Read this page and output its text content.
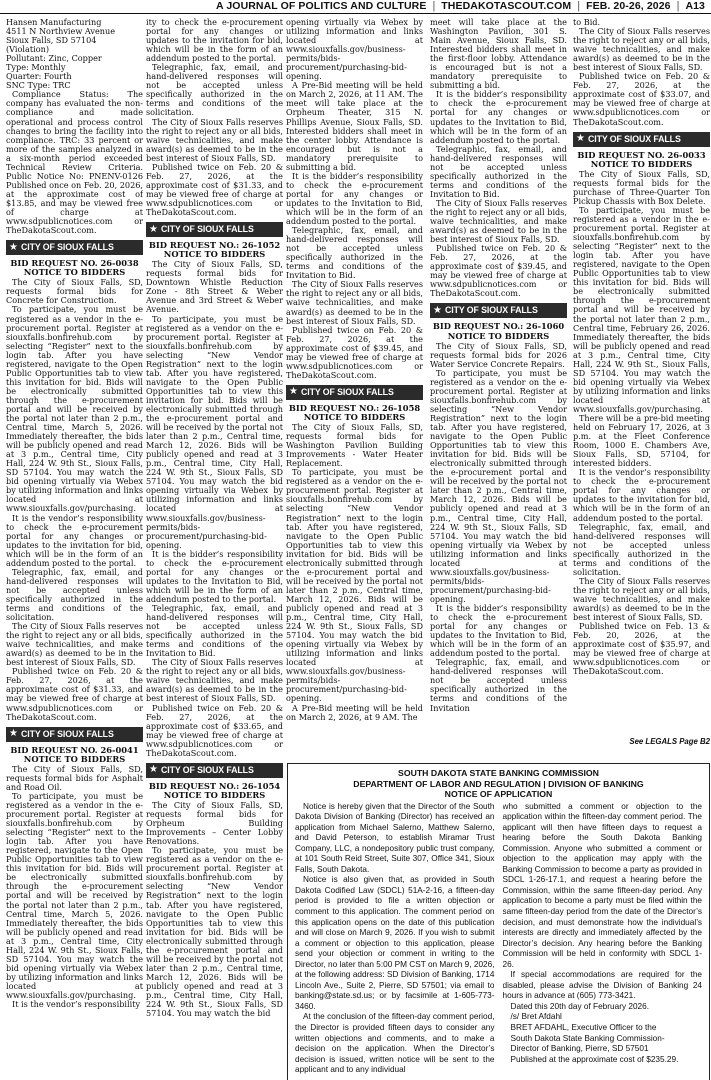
A JOURNAL OF POLITICS AND CULTURE | THEDAKOTASCOUT.COM | FEB. 20-26, 2026 | A13

Hansen Manufacturing

4511 N Northview Avenue

Sioux Falls, SD 57104

(Violation)

Pollutant: Zinc, Copper

Type: Monthly

Quarter: Fourth

SNC Type: TRC

Compliance Status: The company has evaluated the non-compliance and made operational and process control changes to bring the facility into compliance. TRC: 33 percent or more of the samples analyzed in a six-month period exceeded Technical Review Criteria. Public Notice No: PNENV-0126 Published once on Feb. 20, 2026, at the approximate cost of $13.85, and may be viewed free of charge at www.sdpublicnotices.com or TheDakotaScout.com.

★ CITY OF SIOUX FALLS
BID REQUEST NO. 26-0038
NOTICE TO BIDDERS

The City of Sioux Falls, SD, requests formal bids for Concrete for Construction.

To participate, you must be registered as a vendor in the e-procurement portal. Register at siouxfalls.bonfirehub.com by selecting “Register” next to the login tab. After you have registered, navigate to the Open Public Opportunities tab to view this invitation for bid. Bids will be electronically submitted through the e-procurement portal and will be received by the portal not later than 2 p.m., Central time, March 5, 2026. Immediately thereafter, the bids will be publicly opened and read at 3 p.m., Central time, City Hall, 224 W. 9th St., Sioux Falls, SD 57104. You may watch the bid opening virtually via Webex by utilizing information and links located at www.siouxfalls.gov/purchasing.

It is the vendor’s responsibility to check the e-procurement portal for any changes or updates to the invitation for bid, which will be in the form of an addendum posted to the portal.

Telegraphic, fax, email, and hand-delivered responses will not be accepted unless specifically authorized in the terms and conditions of the solicitation.

The City of Sioux Falls reserves the right to reject any or all bids, waive technicalities, and make award(s) as deemed to be in the best interest of Sioux Falls, SD.

Published twice on Feb. 20 & Feb. 27, 2026, at the approximate cost of $31.33, and may be viewed free of charge at www.sdpublicnotices.com or TheDakotaScout.com.

★ CITY OF SIOUX FALLS
BID REQUEST NO. 26-0041
NOTICE TO BIDDERS

The City of Sioux Falls, SD, requests formal bids for Asphalt and Road Oil.

To participate, you must be registered as a vendor in the e-procurement portal. Register at siouxfalls.bonfirehub.com by selecting “Register” next to the login tab. After you have registered, navigate to the Open Public Opportunities tab to view this invitation for bid. Bids will be electronically submitted through the e-procurement portal and will be received by the portal not later than 2 p.m., Central time, March 5, 2026. Immediately thereafter, the bids will be publicly opened and read at 3 p.m., Central time, City Hall, 224 W. 9th St., Sioux Falls, SD 57104. You may watch the bid opening virtually via Webex by utilizing information and links located at www.siouxfalls.gov/purchasing.

It is the vendor’s responsibility

ity to check the e-procurement portal for any changes or updates to the invitation for bid, which will be in the form of an addendum posted to the portal.

Telegraphic, fax, email, and hand-delivered responses will not be accepted unless specifically authorized in the terms and conditions of the solicitation.

The City of Sioux Falls reserves the right to reject any or all bids, waive technicalities, and make award(s) as deemed to be in the best interest of Sioux Falls, SD.

Published twice on Feb. 20 & Feb. 27, 2026, at the approximate cost of $31.33, and may be viewed free of charge at www.sdpublicnotices.com or TheDakotaScout.com.

★ CITY OF SIOUX FALLS
BID REQUEST NO.: 26-1052
NOTICE TO BIDDERS

The City of Sioux Falls, SD, requests formal bids for Downtown Whistle Reduction Zone - 8th Street & Weber Avenue and 3rd Street & Weber Avenue.

To participate, you must be registered as a vendor on the e-procurement portal. Register at siouxfalls.bonfirehub.com by selecting “New Vendor Registration” next to the login tab. After you have registered, navigate to the Open Public Opportunities tab to view this invitation for bid. Bids will be electronically submitted through the e-procurement portal and will be received by the portal not later than 2 p.m., Central time, March 12, 2026. Bids will be publicly opened and read at 3 p.m., Central time, City Hall, 224 W. 9th St., Sioux Falls, SD 57104. You may watch the bid opening virtually via Webex by utilizing information and links located at www.siouxfalls.gov/business-permits/bids-procurement/purchasing-bid-opening.

It is the bidder’s responsibility to check the e-procurement portal for any changes or updates to the Invitation to Bid, which will be in the form of an addendum posted to the portal.

Telegraphic, fax, email, and hand-delivered responses will not be accepted unless specifically authorized in the terms and conditions of the Invitation to Bid.

The City of Sioux Falls reserves the right to reject any or all bids, waive technicalities, and make award(s) as deemed to be in the best interest of Sioux Falls, SD.

Published twice on Feb. 20 & Feb. 27, 2026, at the approximate cost of $33.65, and may be viewed free of charge at www.sdpublicnotices.com or TheDakotaScout.com.

★ CITY OF SIOUX FALLS
BID REQUEST NO.: 26-1054
NOTICE TO BIDDERS

The City of Sioux Falls, SD, requests formal bids for Orpheum Building Improvements – Center Lobby Renovations.

To participate, you must be registered as a vendor on the e-procurement portal. Register at siouxfalls.bonfirehub.com by selecting “New Vendor Registration” next to the login tab. After you have registered, navigate to the Open Public Opportunities tab to view this invitation for bid. Bids will be electronically submitted through the e-procurement portal and will be received by the portal not later than 2 p.m., Central time, March 12, 2026. Bids will be publicly opened and read at 3 p.m., Central time, City Hall, 224 W. 9th St., Sioux Falls, SD 57104. You may watch the bid

opening virtually via Webex by utilizing information and links located at www.siouxfalls.gov/business-permits/bids-procurement/purchasing-bid-opening.

A Pre-Bid meeting will be held on March 2, 2026, at 11 AM. The meet will take place at the Orpheum Theater, 315 N. Phillips Avenue, Sioux Falls, SD. Interested bidders shall meet in the center lobby. Attendance is encouraged but is not a mandatory prerequisite to submitting a bid.

It is the bidder’s responsibility to check the e-procurement portal for any changes or updates to the Invitation to Bid, which will be in the form of an addendum posted to the portal.

Telegraphic, fax, email, and hand-delivered responses will not be accepted unless specifically authorized in the terms and conditions of the Invitation to Bid.

The City of Sioux Falls reserves the right to reject any or all bids, waive technicalities, and make award(s) as deemed to be in the best interest of Sioux Falls, SD.

Published twice on Feb. 20 & Feb. 27, 2026, at the approximate cost of $39.45, and may be viewed free of charge at www.sdpublicnotices.com or TheDakotaScout.com.

★ CITY OF SIOUX FALLS
BID REQUEST NO.: 26-1058
NOTICE TO BIDDERS

The City of Sioux Falls, SD, requests formal bids for Washington Pavilion Building Improvements - Water Heater Replacement.

To participate, you must be registered as a vendor on the e-procurement portal. Register at siouxfalls.bonfirehub.com by selecting “New Vendor Registration” next to the login tab. After you have registered, navigate to the Open Public Opportunities tab to view this invitation for bid. Bids will be electronically submitted through the e-procurement portal and will be received by the portal not later than 2 p.m., Central time, March 12, 2026. Bids will be publicly opened and read at 3 p.m., Central time, City Hall, 224 W. 9th St., Sioux Falls, SD 57104. You may watch the bid opening virtually via Webex by utilizing information and links located at www.siouxfalls.gov/business-permits/bids-procurement/purchasing-bid-opening.

A Pre-Bid meeting will be held on March 2, 2026, at 9 AM. The

meet will take place at the Washington Pavilion, 301 S. Main Avenue, Sioux Falls, SD. Interested bidders shall meet in the first-floor lobby. Attendance is encouraged but is not a mandatory prerequisite to submitting a bid.

It is the bidder’s responsibility to check the e-procurement portal for any changes or updates to the Invitation to Bid, which will be in the form of an addendum posted to the portal.

Telegraphic, fax, email, and hand-delivered responses will not be accepted unless specifically authorized in the terms and conditions of the Invitation to Bid.

The City of Sioux Falls reserves the right to reject any or all bids, waive technicalities, and make award(s) as deemed to be in the best interest of Sioux Falls, SD.

Published twice on Feb. 20 & Feb. 27, 2026, at the approximate cost of $39.45, and may be viewed free of charge at www.sdpublicnotices.com or TheDakotaScout.com.

★ CITY OF SIOUX FALLS
BID REQUEST NO.: 26-1060
NOTICE TO BIDDERS

The City of Sioux Falls, SD, requests formal bids for 2026 Water Service Concrete Repairs.

To participate, you must be registered as a vendor on the e-procurement portal. Register at siouxfalls.bonfirehub.com by selecting “New Vendor Registration” next to the login tab. After you have registered, navigate to the Open Public Opportunities tab to view this invitation for bid. Bids will be electronically submitted through the e-procurement portal and will be received by the portal not later than 2 p.m., Central time, March 12, 2026. Bids will be publicly opened and read at 3 p.m., Central time, City Hall, 224 W. 9th St., Sioux Falls, SD 57104. You may watch the bid opening virtually via Webex by utilizing information and links located at www.siouxfalls.gov/business-permits/bids-procurement/purchasing-bid-opening.

It is the bidder’s responsibility to check the e-procurement portal for any changes or updates to the Invitation to Bid, which will be in the form of an addendum posted to the portal.

Telegraphic, fax, email, and hand-delivered responses will not be accepted unless specifically authorized in the terms and conditions of the Invitation

to Bid.

The City of Sioux Falls reserves the right to reject any or all bids, waive technicalities, and make award(s) as deemed to be in the best interest of Sioux Falls, SD.

Published twice on Feb. 20 & Feb. 27, 2026, at the approximate cost of $33.07, and may be viewed free of charge at www.sdpublicnotices.com or TheDakotaScout.com.

★ CITY OF SIOUX FALLS
BID REQUEST NO. 26-0033
NOTICE TO BIDDERS

The City of Sioux Falls, SD, requests formal bids for the purchase of Three-Quarter Ton Pickup Chassis with Box Delete.

To participate, you must be registered as a vendor in the e-procurement portal. Register at siouxfalls.bonfirehub.com by selecting “Register” next to the login tab. After you have registered, navigate to the Open Public Opportunities tab to view this invitation for bid. Bids will be electronically submitted through the e-procurement portal and will be received by the portal not later than 2 p.m., Central time, February 26, 2026. Immediately thereafter, the bids will be publicly opened and read at 3 p.m., Central time, City Hall, 224 W. 9th St., Sioux Falls, SD 57104. You may watch the bid opening virtually via Webex by utilizing information and links located at www.siouxfalls.gov/purchasing.

There will be a pre-bid meeting held on February 17, 2026, at 3 p.m. at the Fleet Conference Room, 1000 E. Chambers Ave, Sioux Falls, SD, 57104, for interested bidders.

It is the vendor’s responsibility to check the e-procurement portal for any changes or updates to the invitation for bid, which will be in the form of an addendum posted to the portal.

Telegraphic, fax, email, and hand-delivered responses will not be accepted unless specifically authorized in the terms and conditions of the solicitation.

The City of Sioux Falls reserves the right to reject any or all bids, waive technicalities, and make award(s) as deemed to be in the best interest of Sioux Falls, SD.

Published twice on Feb. 13 & Feb. 20, 2026, at the approximate cost of $35.97, and may be viewed free of charge at www.sdpublicnotices.com or TheDakotaScout.com.

See LEGALS Page B2
SOUTH DAKOTA STATE BANKING COMMISSION
DEPARTMENT OF LABOR AND REGULATION | DIVISION OF BANKING
NOTICE OF APPLICATION

Notice is hereby given that the Director of the South Dakota Division of Banking (Director) has received an application from Michael Salerno, Matthew Salerno, and David Peterson, to establish Miramar Trust Company, LLC, a nondepository public trust company, at 101 South Reid Street, Suite 307, Office 341, Sioux Falls, South Dakota.

Notice is also given that, as provided in South Dakota Codified Law (SDCL) 51A-2-16, a fifteen-day period is provided to file a written objection or comment to this application. The comment period on this application opens on the date of this publication and will close on March 9, 2026. If you wish to submit a comment or objection to this application, please send your objection or comment in writing to the Director, no later than 5:00 PM CST on March 9, 2026, at the following address: SD Division of Banking, 1714 Lincoln Ave., Suite 2, Pierre, SD 57501; via email to banking@state.sd.us; or by facsimile at 1-605-773-3460.

At the conclusion of the fifteen-day comment period, the Director is provided fifteen days to consider any written objections and comments, and to make a decision on the application. When the Director’s decision is issued, written notice will be sent to the applicant and to any individual

who submitted a comment or objection to the application within the fifteen-day comment period. The applicant will then have fifteen days to request a hearing before the South Dakota Banking Commission. Anyone who submitted a comment or objection to the application may apply with the Banking Commission to become a party as provided in SDCL 1-26-17.1, and request a hearing before the Commission, within the same fifteen-day period. Any application to become a party must be filed within the same fifteen-day period from the date of the Director’s decision, and must demonstrate how the individual’s interests are directly and immediately affected by the Director’s decision. Any hearing before the Banking Commission will be held in conformity with SDCL 1-26.

If special accommodations are required for the disabled, please advise the Division of Banking 24 hours in advance at (605) 773-3421.

Dated this 20th day of February 2026.

/s/ Bret Afdahl

BRET AFDAHL, Executive Officer to the

South Dakota State Banking Commission-

Director of Banking, Pierre, SD 57501

Published at the approximate cost of $235.29.
